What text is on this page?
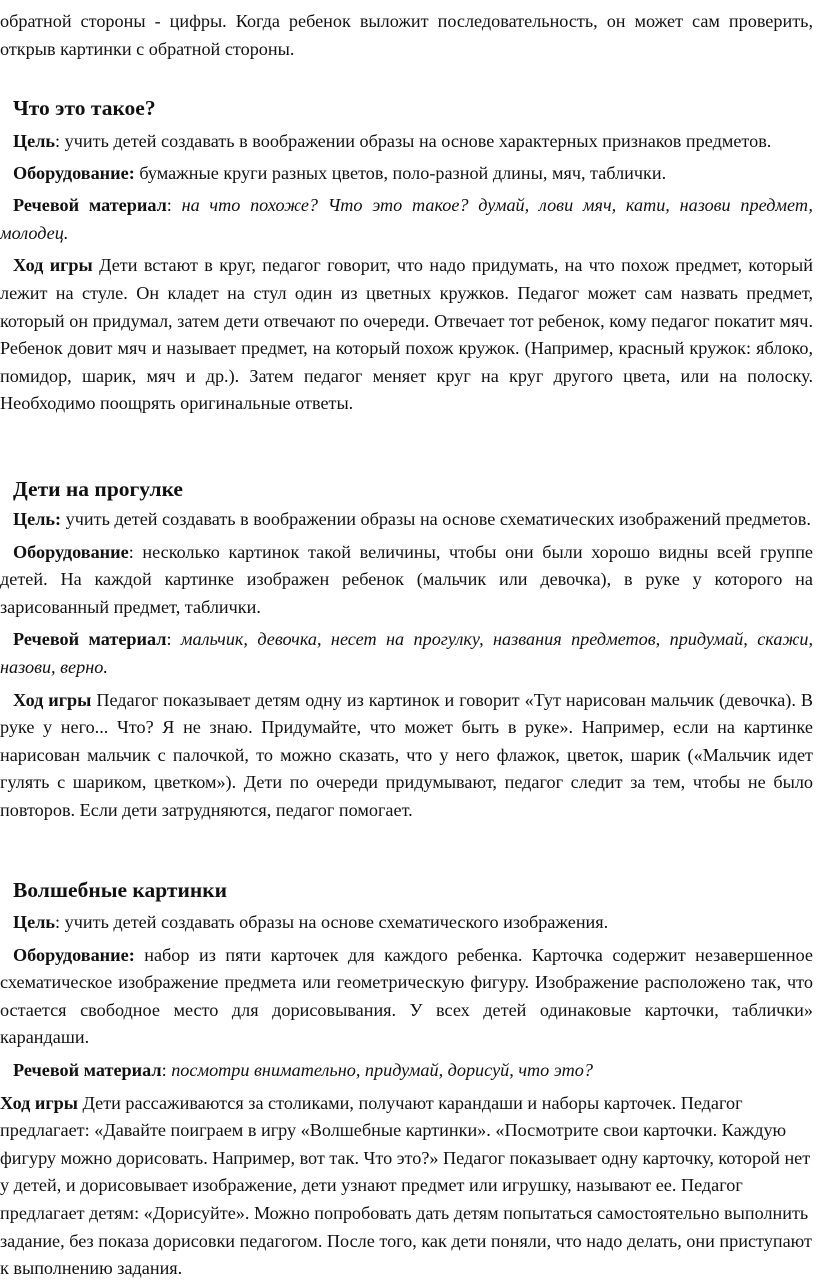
обратной стороны - цифры. Когда ребенок выложит последовательность, он может сам проверить, открыв картинки с обратной стороны.

Что это такое?

Цель: учить детей создавать в воображении образы на основе характерных признаков предметов.

Оборудование: бумажные круги разных цветов, поло-разной длины, мяч, таблички.

Речевой материал: на что похоже? Что это такое? думай, лови мяч, кати, назови предмет, молодец.

Ход игры Дети встают в круг, педагог говорит, что надо придумать, на что похож предмет, который лежит на стуле. Он кладет на стул один из цветных кружков. Педагог может сам назвать предмет, который он придумал, затем дети отвечают по очереди. Отвечает тот ребенок, кому педагог покатит мяч. Ребенок довит мяч и называет предмет, на который похож кружок. (Например, красный кружок: яблоко, помидор, шарик, мяч и др.). Затем педагог меняет круг на круг другого цвета, или на полоску. Необходимо поощрять оригинальные ответы.

Дети на прогулке

Цель: учить детей создавать в воображении образы на основе схематических изображений предметов.

Оборудование: несколько картинок такой величины, чтобы они были хорошо видны всей группе детей. На каждой картинке изображен ребенок (мальчик или девочка), в руке у которого на зарисованный предмет, таблички.

Речевой материал: мальчик, девочка, несет на прогулку, названия предметов, придумай, скажи, назови, верно.

Ход игры Педагог показывает детям одну из картинок и говорит «Тут нарисован мальчик (девочка). В руке у него... Что? Я не знаю. Придумайте, что может быть в руке». Например, если на картинке нарисован мальчик с палочкой, то можно сказать, что у него флажок, цветок, шарик («Мальчик идет гулять с шариком, цветком»). Дети по очереди придумывают, педагог следит за тем, чтобы не было повторов. Если дети затрудняются, педагог помогает.

Волшебные картинки

Цель: учить детей создавать образы на основе схематического изображения.

Оборудование: набор из пяти карточек для каждого ребенка. Карточка содержит незавершенное схематическое изображение предмета или геометрическую фигуру. Изображение расположено так, что остается свободное место для дорисовывания. У всех детей одинаковые карточки, таблички» карандаши.

Речевой материал: посмотри внимательно, придумай, дорисуй, что это?

Ход игры Дети рассаживаются за столиками, получают карандаши и наборы карточек. Педагог предлагает: «Давайте поиграем в игру «Волшебные картинки». «Посмотрите свои карточки. Каждую фигуру можно дорисовать. Например, вот так. Что это?» Педагог показывает одну карточку, которой нет у детей, и дорисовывает изображение, дети узнают предмет или игрушку, называют ее. Педагог предлагает детям: «Дорисуйте». Можно попробовать дать детям попытаться самостоятельно выполнить задание, без показа дорисовки педагогом. После того, как дети поняли, что надо делать, они приступают к выполнению задания.
